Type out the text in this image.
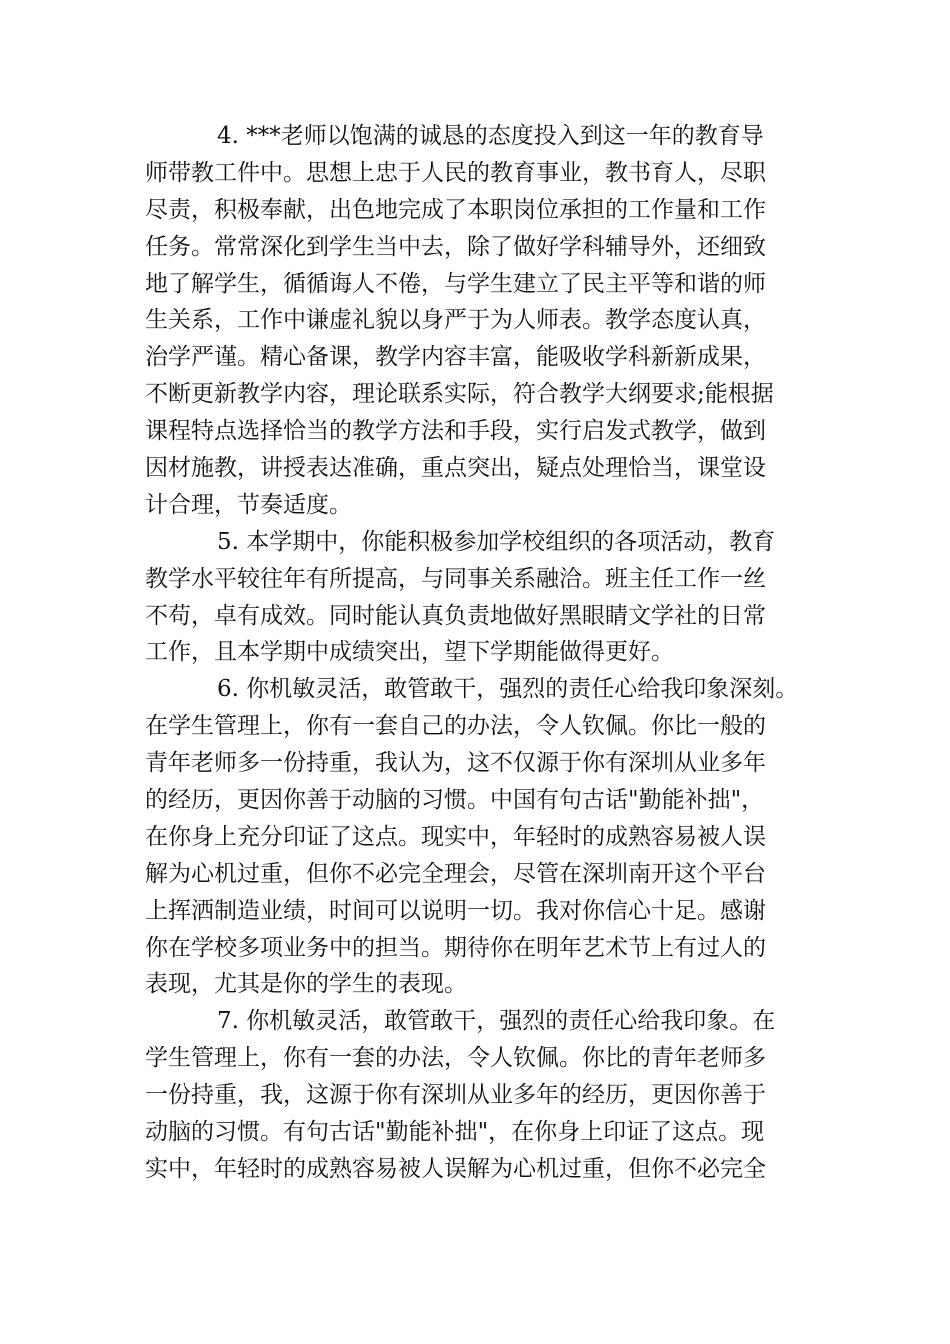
4. ***老师以饱满的诚恳的态度投入到这一年的教育导
师带教工件中。思想上忠于人民的教育事业，教书育人，尽职
尽责，积极奉献，出色地完成了本职岗位承担的工作量和工作
任务。常常深化到学生当中去，除了做好学科辅导外，还细致
地了解学生，循循诲人不倦，与学生建立了民主平等和谐的师
生关系，工作中谦虚礼貌以身严于为人师表。教学态度认真，
治学严谨。精心备课，教学内容丰富，能吸收学科新新成果，
不断更新教学内容，理论联系实际，符合教学大纲要求;能根据
课程特点选择恰当的教学方法和手段，实行启发式教学，做到
因材施教，讲授表达准确，重点突出，疑点处理恰当，课堂设
计合理，节奏适度。
5. 本学期中，你能积极参加学校组织的各项活动，教育
教学水平较往年有所提高，与同事关系融洽。班主任工作一丝
不苟，卓有成效。同时能认真负责地做好黑眼睛文学社的日常
工作，且本学期中成绩突出，望下学期能做得更好。
6. 你机敏灵活，敢管敢干，强烈的责任心给我印象深刻。
在学生管理上，你有一套自己的办法，令人钦佩。你比一般的
青年老师多一份持重，我认为，这不仅源于你有深圳从业多年
的经历，更因你善于动脑的习惯。中国有句古话"勤能补拙"，
在你身上充分印证了这点。现实中，年轻时的成熟容易被人误
解为心机过重，但你不必完全理会，尽管在深圳南开这个平台
上挥洒制造业绩，时间可以说明一切。我对你信心十足。感谢
你在学校多项业务中的担当。期待你在明年艺术节上有过人的
表现，尤其是你的学生的表现。
7. 你机敏灵活，敢管敢干，强烈的责任心给我印象。在
学生管理上，你有一套的办法，令人钦佩。你比的青年老师多
一份持重，我，这源于你有深圳从业多年的经历，更因你善于
动脑的习惯。有句古话"勤能补拙"，在你身上印证了这点。现
实中，年轻时的成熟容易被人误解为心机过重，但你不必完全
